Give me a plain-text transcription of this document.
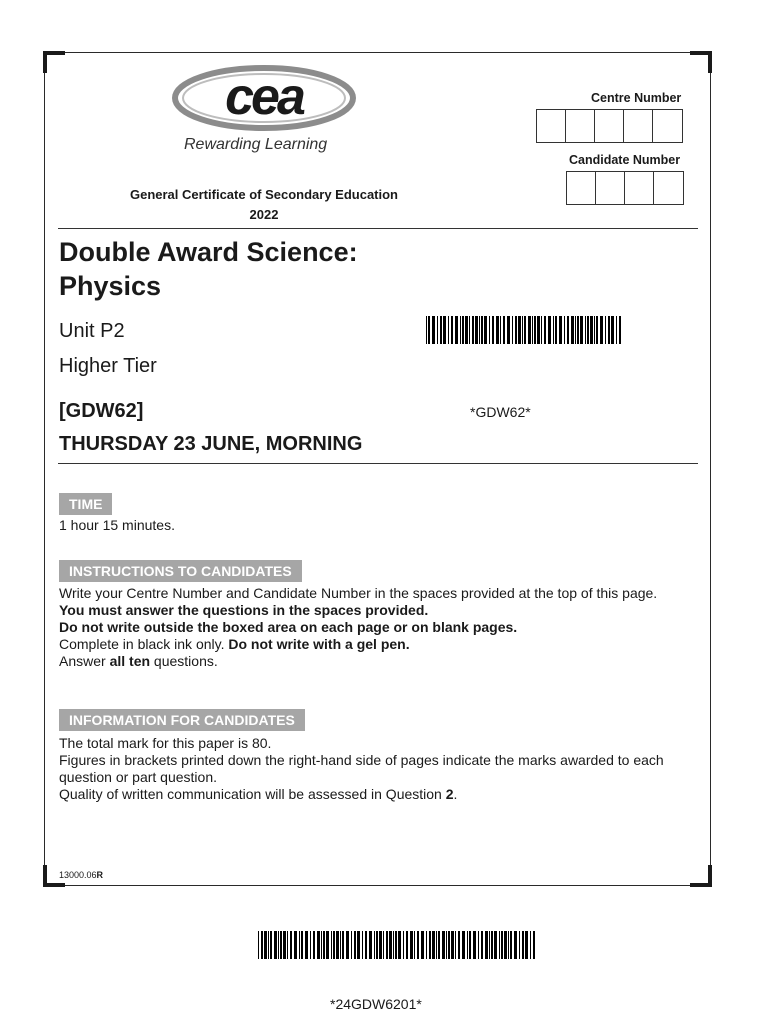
cea
Rewarding Learning
Centre Number
Candidate Number
General Certificate of Secondary Education
2022
Double Award Science:
Physics
Unit P2
Higher Tier
*GDW62*
[GDW62]
THURSDAY 23 JUNE, MORNING
TIME
1 hour 15 minutes.
INSTRUCTIONS TO CANDIDATES

Write your Centre Number and Candidate Number in the spaces provided at the top of this page.

You must answer the questions in the spaces provided.

Do not write outside the boxed area on each page or on blank pages.

Complete in black ink only. Do not write with a gel pen.

Answer all ten questions.

INFORMATION FOR CANDIDATES

The total mark for this paper is 80.

Figures in brackets printed down the right-hand side of pages indicate the marks awarded to each question or part question.

Quality of written communication will be assessed in Question 2.

13000.06R
*24GDW6201*
